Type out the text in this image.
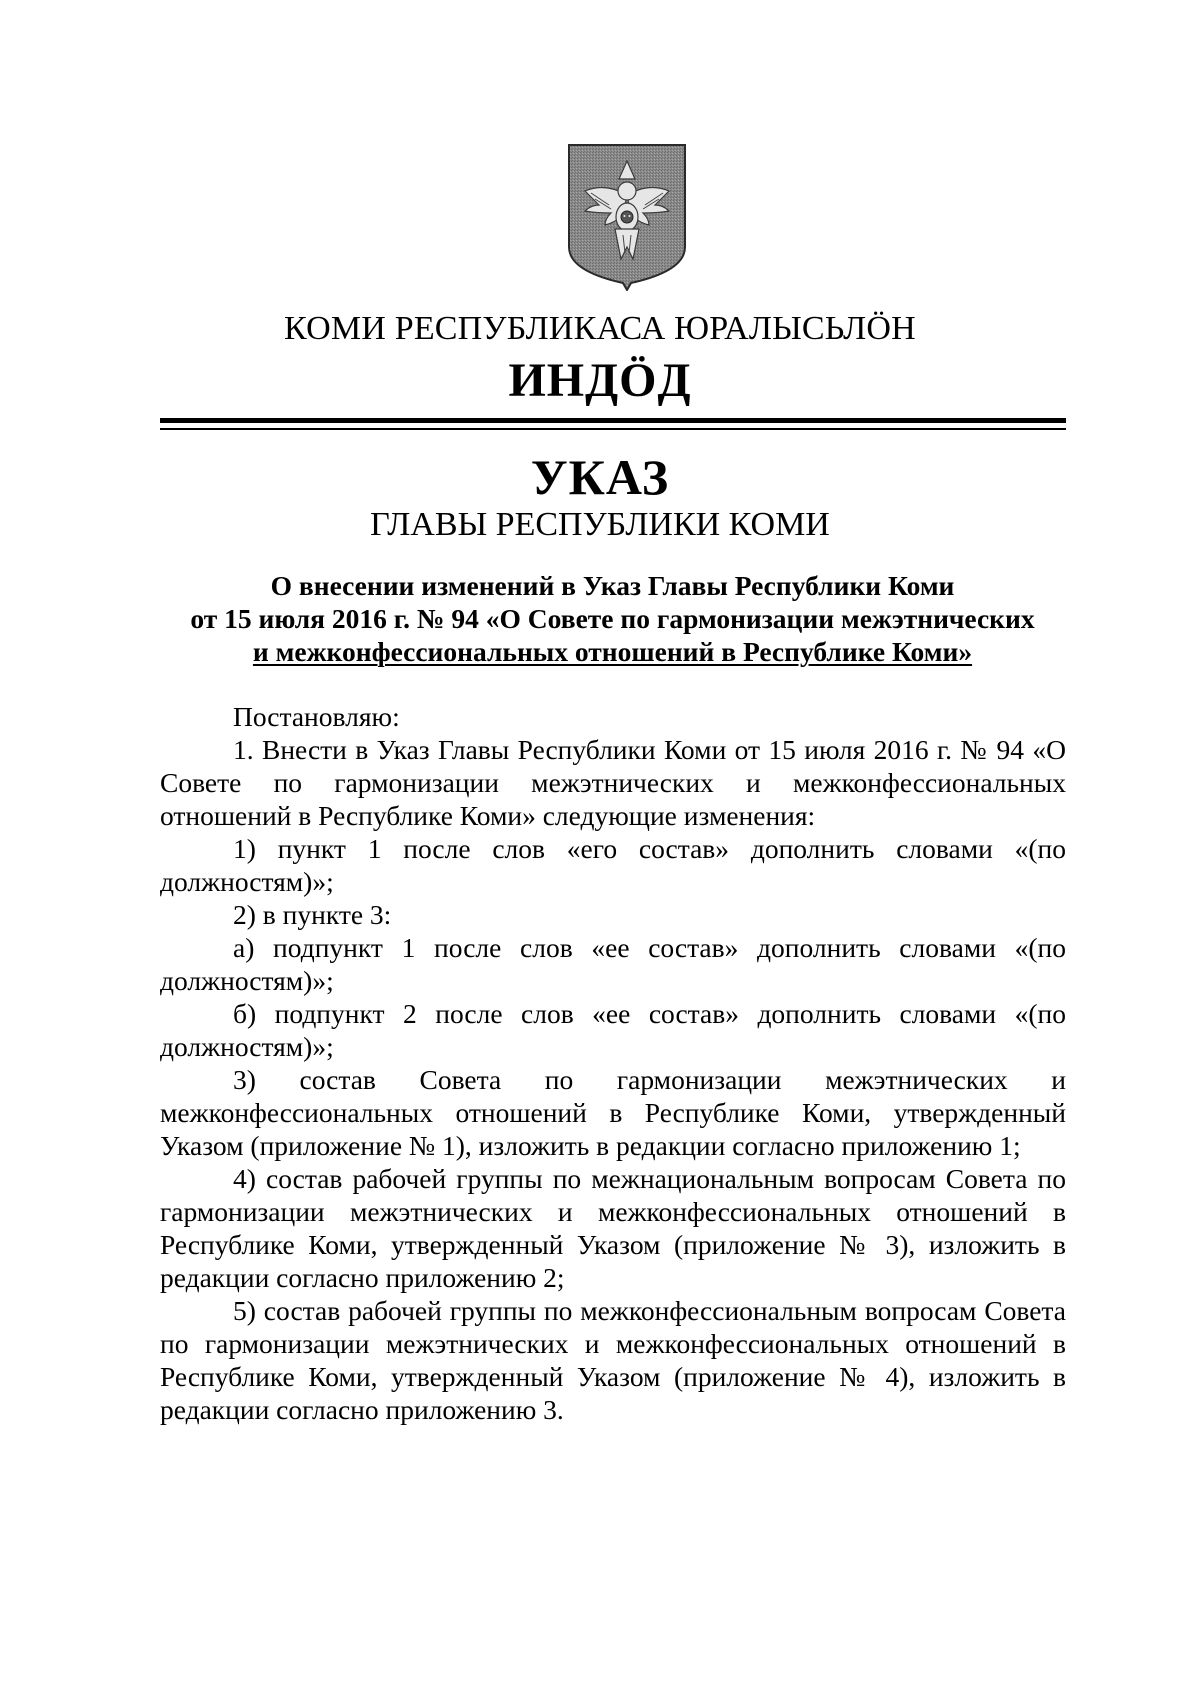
КОМИ РЕСПУБЛИКАСА ЮРАЛЫСЬЛÖН
ИНДÖД
УКАЗ
ГЛАВЫ РЕСПУБЛИКИ КОМИ
О внесении изменений в Указ Главы Республики Коми
от 15 июля 2016 г. № 94 «О Совете по гармонизации межэтнических
и межконфессиональных отношений в Республике Коми»

Постановляю:

1. Внести в Указ Главы Республики Коми от 15 июля 2016 г. № 94 «О Совете по гармонизации межэтнических и межконфессиональных отношений в Республике Коми» следующие изменения:

1) пункт 1 после слов «его состав» дополнить словами «(по должностям)»;

2) в пункте 3:

а) подпункт 1 после слов «ее состав» дополнить словами «(по должностям)»;

б) подпункт 2 после слов «ее состав» дополнить словами «(по должностям)»;

3) состав Совета по гармонизации межэтнических и межконфессиональных отношений в Республике Коми, утвержденный Указом (приложение № 1), изложить в редакции согласно приложению 1;

4) состав рабочей группы по межнациональным вопросам Совета по гармонизации межэтнических и межконфессиональных отношений в Республике Коми, утвержденный Указом (приложение № 3), изложить в редакции согласно приложению 2;

5) состав рабочей группы по межконфессиональным вопросам Совета по гармонизации межэтнических и межконфессиональных отношений в Республике Коми, утвержденный Указом (приложение № 4), изложить в редакции согласно приложению 3.
